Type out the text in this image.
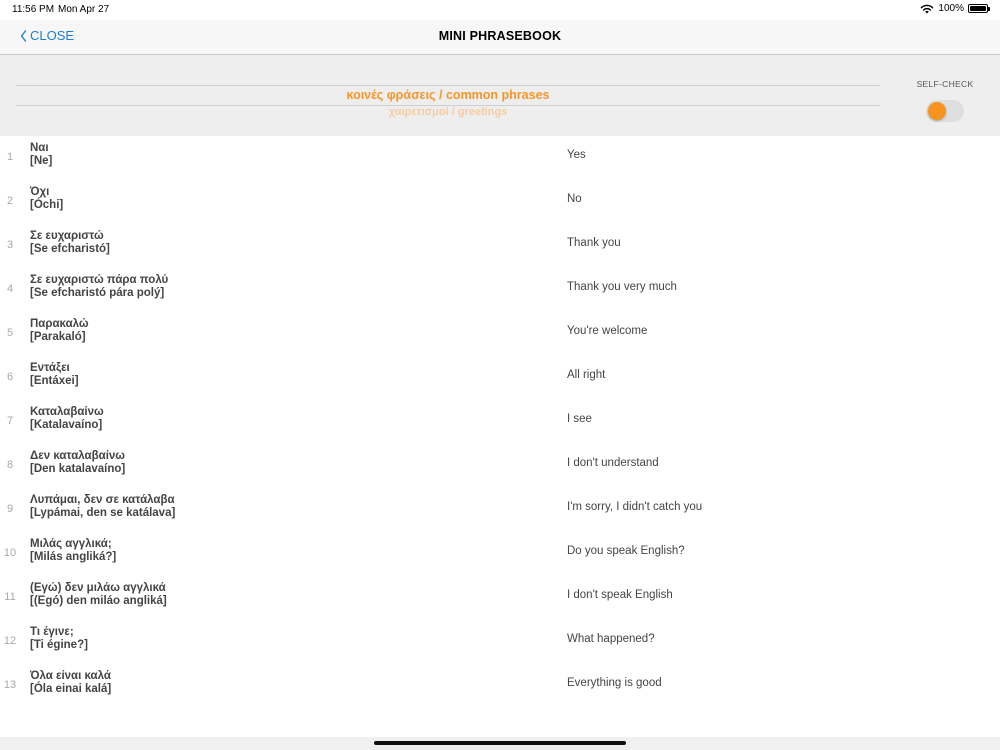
11:56 PM Mon Apr 27	100%
CLOSE	MINI PHRASEBOOK
κοινές φράσεις / common phrases
χαιρετισμοί / greetings
SELF-CHECK
1
Ναι
[Ne]	Yes
2
Όχι
[Óchi]	No
3
Σε ευχαριστώ
[Se efcharistó]	Thank you
4
Σε ευχαριστώ πάρα πολύ
[Se efcharistó pára polý]	Thank you very much
5
Παρακαλώ
[Parakaló]	You're welcome
6
Εντάξει
[Entáxei]	All right
7
Καταλαβαίνω
[Katalavaíno]	I see
8
Δεν καταλαβαίνω
[Den katalavaíno]	I don't understand
9
Λυπάμαι, δεν σε κατάλαβα
[Lypámai, den se katálava]	I'm sorry, I didn't catch you
10
Μιλάς αγγλικά;
[Milás angliká?]	Do you speak English?
11
(Εγώ) δεν μιλάω αγγλικά
[(Egó) den miláo angliká]	I don't speak English
12
Τι έγινε;
[Ti égine?]	What happened?
13
Όλα είναι καλά
[Óla einai kalá]	Everything is good
